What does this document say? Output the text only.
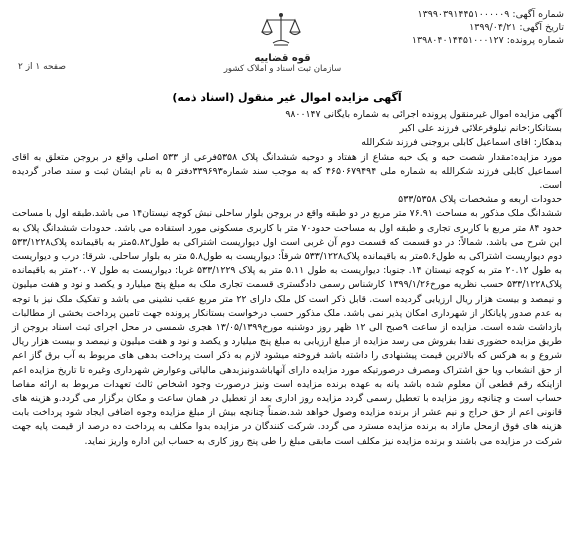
شماره آگهی: ۱۳۹۹۰۳۹۱۴۴۵۱۰۰۰۰۰۹
تاریخ آگهی: ۱۳۹۹/۰۴/۲۱
شماره پرونده: ۱۳۹۸۰۴۰۱۴۴۵۱۰۰۰۱۲۷
صفحه ۱ از ۲
قوه قضاییه
سازمان ثبت اسناد و املاک کشور
آگهی مزایده اموال غیر منقول (اسناد ذمه)

آگهی مزایده اموال غیرمنقول پرونده اجرائی به شماره بایگانی ۹۸۰۰۱۴۷

بستانکار:خانم نیلوفرعلائی فرزند علی اکبر

بدهکار: اقای اسماعیل کابلی بروجنی فرزند شکرالله

مورد مزایده:مقدار شصت حبه و یک حبه مشاع از هفتاد و دوحبه ششدانگ پلاک ۵۳۵۸فرعی از ۵۳۳ اصلی واقع در بروجن متعلق به اقای اسماعیل کابلی فرزند شکرالله به شماره ملی ۴۶۵۰۶۷۹۴۹۴ که به موجب سند شماره۳۳۹۶۹۳دفتر ۵ به نام ایشان ثبت و سند صادر گردیده است.

حدودات اربعه و مشخصات پلاک ۵۳۳/۵۳۵۸

ششدانگ ملک مذکور به مساحت ۷۶.۹۱ متر مربع در دو طبقه واقع در بروجن بلوار ساحلی نبش کوچه نیستان۱۴ می باشد.طبقه اول با مساحت حدود ۸۴ متر مربع با کاربری تجاری و طبقه اول به مساحت حدود۷۰ متر با کاربری مسکونی مورد استفاده می باشد. حدودات ششدانگ پلاک به این شرح می باشد. شمالاً: در دو قسمت که قسمت دوم آن غربی است اول دیواریست اشتراکی به طول۵.۸۲متر به باقیمانده پلاک۵۳۳/۱۲۲۸ دوم دیواریست اشتراکی به طول۵.۶متر به باقیمانده پلاک۵۳۳/۱۲۲۸ شرقاً: دیواریست به طول۵.۸ متر به بلوار ساحلی. شرقا: درب و دیواریست به طول ۲۰.۱۲ متر به کوچه نیستان ۱۴. جنوبا: دیواریست به طول ۵.۱۱ متر به پلاک ۵۳۳/۱۲۲۹ غربا: دیواریست به طول ۲۰.۰۷متر به باقیمانده پلاک۵۳۳/۱۲۲۸ حسب نظریه مورخ۱۳۹۹/۱/۲۶ کارشناس رسمی دادگستری قسمت تجاری ملک به مبلغ پنج میلیارد و یکصد و نود و هفت میلیون و نیمصد و بیست هزار ریال ارزیابی گردیده است. قابل ذکر است کل ملک دارای ۲۲ متر مربع عقب نشینی می باشد و تفکیک ملک نیز با توجه به عدم صدور پایانکار از شهرداری امکان پذیر نمی باشد. ملک مذکور حسب درخواست بستانکار پرونده جهت تامین پرداخت بخشی از مطالبات بازداشت شده است. مزایده از ساعت ۹صبح الی ۱۲ ظهر روز دوشنبه مورخ۱۳/۰۵/۱۳۹۹ هجری شمسی در محل اجرای ثبت اسناد بروجن از طریق مزایده حضوری نقدا بفروش می رسد مزایده از مبلغ ارزیابی به مبلغ پنج میلیارد و یکصد و نود و هفت میلیون و نیمصد و بیست هزار ریال شروع و به هرکس که بالاترین قیمت پیشنهادی را داشته باشد فروخته میشود لازم به ذکر است پرداخت بدهی های مربوط به آب برق گاز اعم از حق انشعاب ویا حق اشتراک ومصرف درصورتیکه مورد مزایده دارای آنهاباشدونیزبدهی مالیاتی وعوارض شهرداری وغیره تا تاریخ مزایده اعم ازاینکه رقم قطعی آن معلوم شده باشد یانه به عهده برنده مزایده است ونیز درصورت وجود اشخاص ثالث تعهدات مربوط به ارائه مفاصا حساب است و چنانچه روز مزایده با تعطیل رسمی گردد مزایده روز اداری بعد از تعطیل در همان ساعت و مکان برگزار می گردد.و هزینه های قانونی اعم از حق حراج و نیم عشر از برنده مزایده وصول خواهد شد.ضمناً چنانچه بیش از مبلغ مزایده وجوه اضافی ایجاد شود پرداخت بابت هزینه های فوق ازمحل مازاد به برنده مزایده مسترد می گردد. شرکت کنندگان در مزایده بدوا مکلف به پرداخت ده درصد از قیمت پایه جهت شرکت در مزایده می باشند و برنده مزایده نیز مکلف است مابقی مبلغ را طی پنج روز کاری به حساب این اداره واریز نماید.
